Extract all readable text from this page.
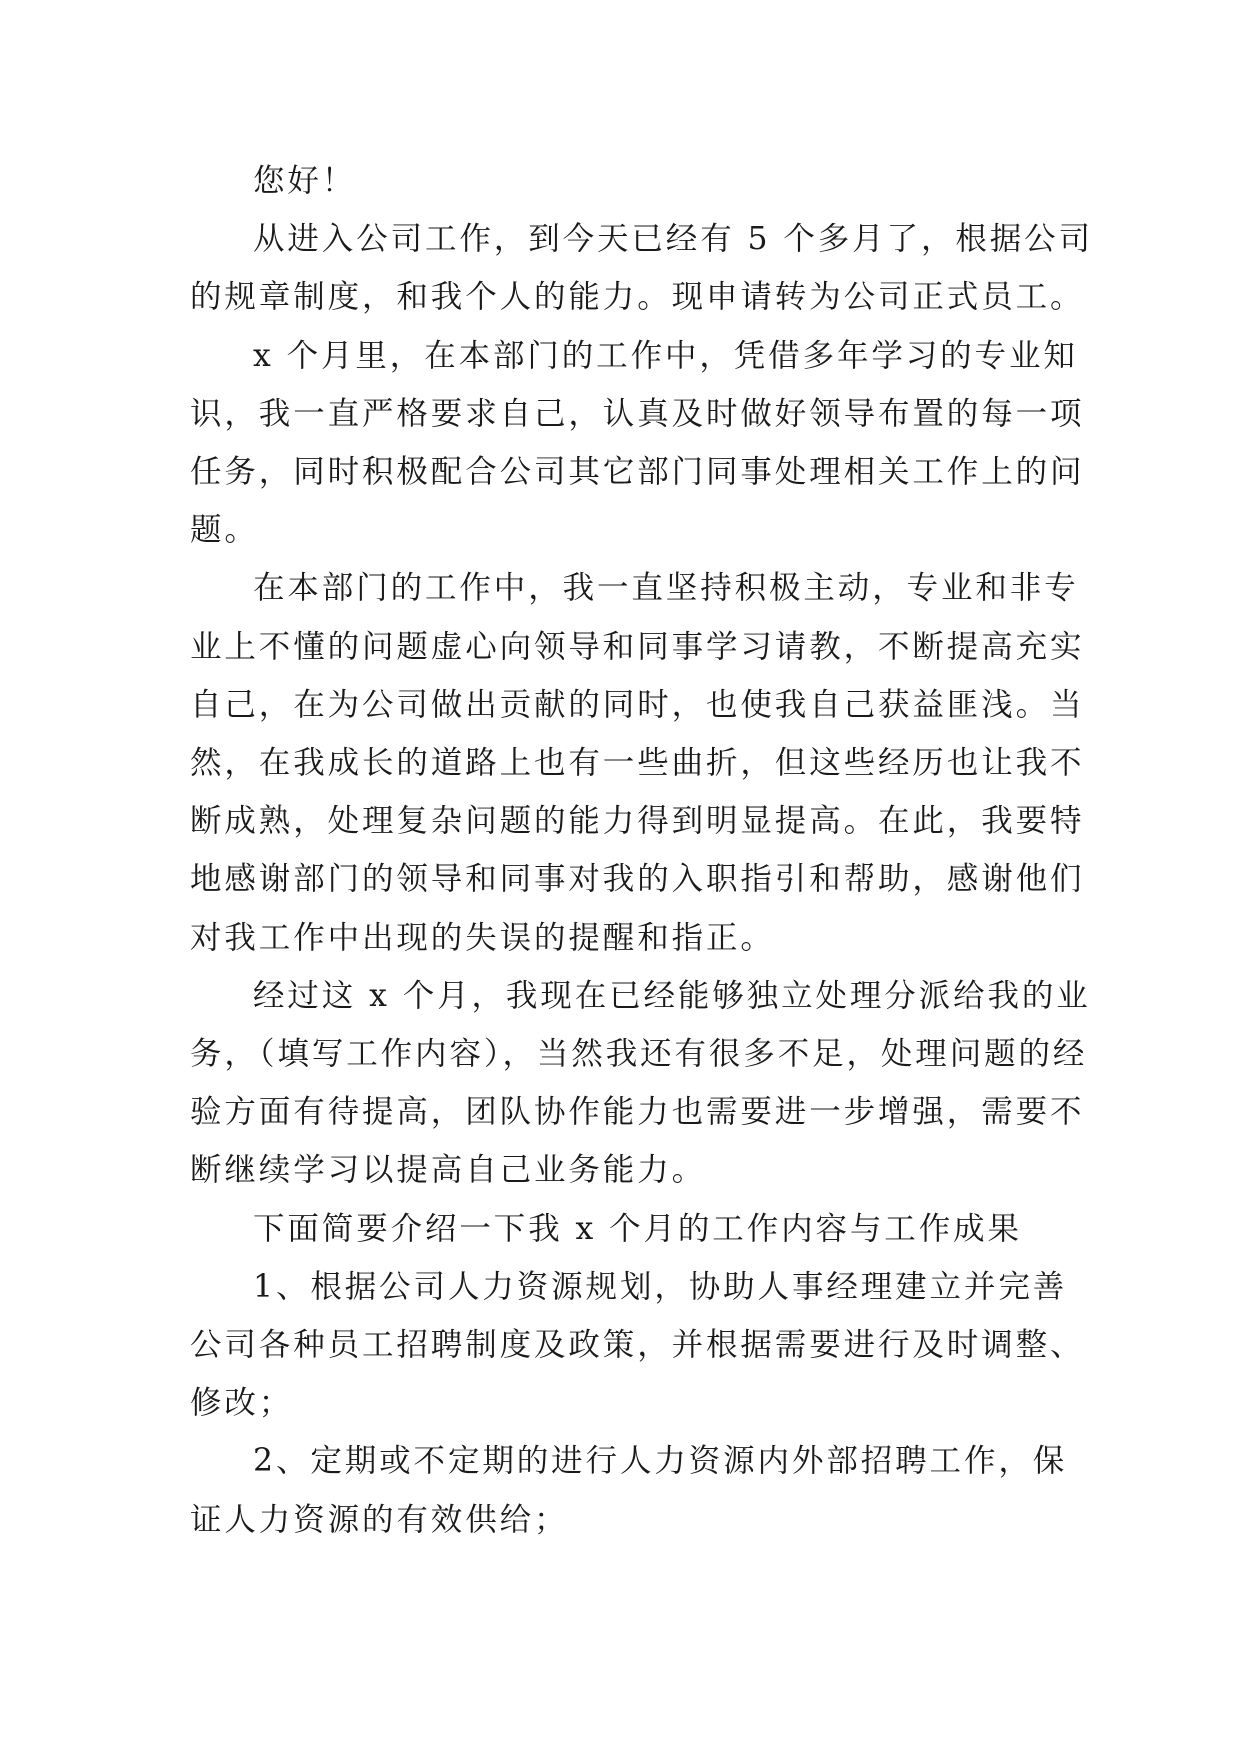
您好！

从进入公司工作，到今天已经有 5 个多月了，根据公司
的规章制度，和我个人的能力。现申请转为公司正式员工。

x 个月里，在本部门的工作中，凭借多年学习的专业知
识，我一直严格要求自己，认真及时做好领导布置的每一项
任务，同时积极配合公司其它部门同事处理相关工作上的问
题。

在本部门的工作中，我一直坚持积极主动，专业和非专
业上不懂的问题虚心向领导和同事学习请教，不断提高充实
自己，在为公司做出贡献的同时，也使我自己获益匪浅。当
然，在我成长的道路上也有一些曲折，但这些经历也让我不
断成熟，处理复杂问题的能力得到明显提高。在此，我要特
地感谢部门的领导和同事对我的入职指引和帮助，感谢他们
对我工作中出现的失误的提醒和指正。

经过这 x 个月，我现在已经能够独立处理分派给我的业
务，（填写工作内容），当然我还有很多不足，处理问题的经
验方面有待提高，团队协作能力也需要进一步增强，需要不
断继续学习以提高自己业务能力。

下面简要介绍一下我 x 个月的工作内容与工作成果

1、根据公司人力资源规划，协助人事经理建立并完善
公司各种员工招聘制度及政策，并根据需要进行及时调整、
修改；

2、定期或不定期的进行人力资源内外部招聘工作，保
证人力资源的有效供给；
